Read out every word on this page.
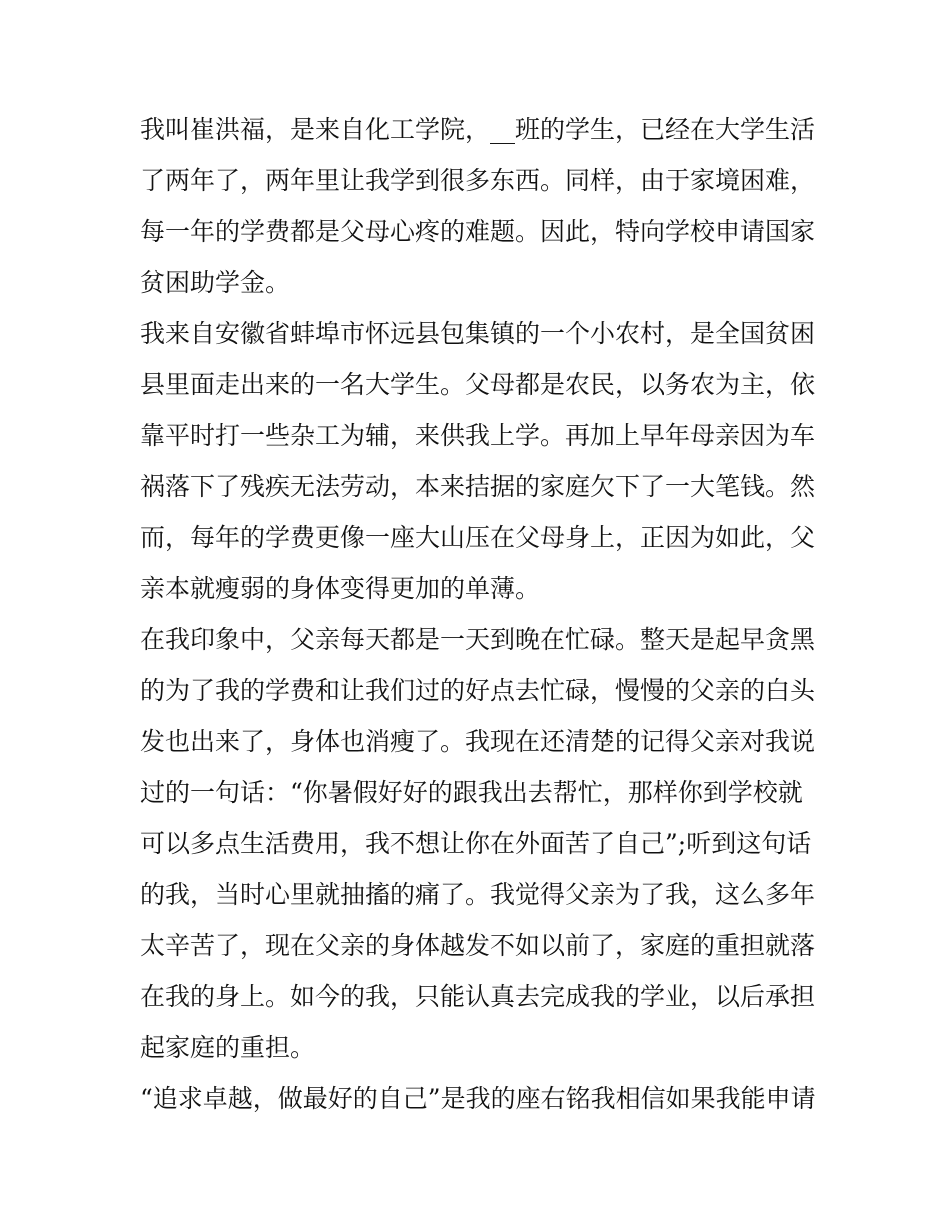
我叫崔洪福，是来自化工学院，__班的学生，已经在大学生活
了两年了，两年里让我学到很多东西。同样，由于家境困难，
每一年的学费都是父母心疼的难题。因此，特向学校申请国家
贫困助学金。
我来自安徽省蚌埠市怀远县包集镇的一个小农村，是全国贫困
县里面走出来的一名大学生。父母都是农民，以务农为主，依
靠平时打一些杂工为辅，来供我上学。再加上早年母亲因为车
祸落下了残疾无法劳动，本来拮据的家庭欠下了一大笔钱。然
而，每年的学费更像一座大山压在父母身上，正因为如此，父
亲本就瘦弱的身体变得更加的单薄。
在我印象中，父亲每天都是一天到晚在忙碌。整天是起早贪黑
的为了我的学费和让我们过的好点去忙碌，慢慢的父亲的白头
发也出来了，身体也消瘦了。我现在还清楚的记得父亲对我说
过的一句话：“你暑假好好的跟我出去帮忙，那样你到学校就
可以多点生活费用，我不想让你在外面苦了自己”;听到这句话
的我，当时心里就抽搐的痛了。我觉得父亲为了我，这么多年
太辛苦了，现在父亲的身体越发不如以前了，家庭的重担就落
在我的身上。如今的我，只能认真去完成我的学业，以后承担
起家庭的重担。
“追求卓越，做最好的自己”是我的座右铭我相信如果我能申请
